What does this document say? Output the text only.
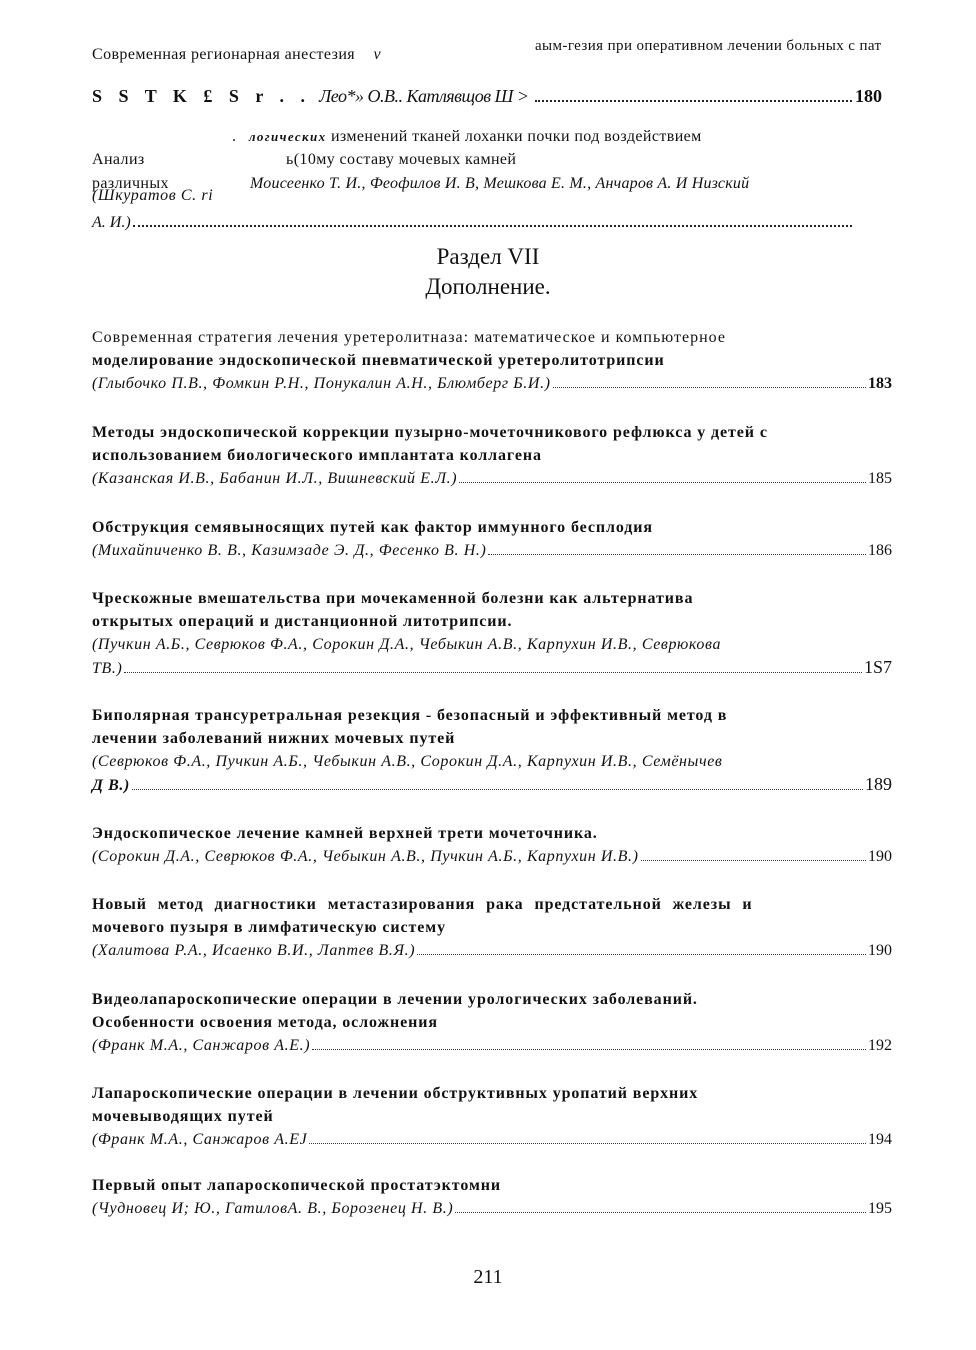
Современная регионарная анестезия v	аым-гезия при оперативном лечении больных с пат
S S T K £ S r . . Лео*» О.В.. Катлявщов Ш >	180
. логических изменений тканей лоханки почки под воздействием
Анализ	ь(10му составу мочевых камней
различных	Моисеенко Т. И., Феофилов И. В, Мешкова Е. М., Анчаров А. И Низский
(Шкуратов С. ri
А. И.)
Раздел VII
Дополнение.
Современная стратегия лечения уретеролитназа: математическое и компьютерное
моделирование эндоскопической пневматической уретеролитотрипсии
(Глыбочко П.В., Фомкин Р.Н., Понукалин А.Н., Блюмберг Б.И.)	183
Методы эндоскопической коррекции пузырно-мочеточникового рефлюкса у детей с
использованием биологического имплантата коллагена
(Казанская И.В., Бабанин И.Л., Вишневский Е.Л.)	185
Обструкция семявыносящих путей как фактор иммунного бесплодия
(Михайпиченко В. В., Казимзаде Э. Д., Фесенко В. Н.)	186
Чрескожные вмешательства при мочекаменной болезни как альтернатива
открытых операций и дистанционной литотрипсии.
(Пучкин А.Б., Севрюков Ф.А., Сорокин Д.А., Чебыкин А.В., Карпухин И.В., Севрюкова
ТВ.)	1S7
Биполярная трансуретральная резекция - безопасный и эффективный метод в
лечении заболеваний нижних мочевых путей
(Севрюков Ф.А., Пучкин А.Б., Чебыкин А.В., Сорокин Д.А., Карпухин И.В., Семёнычев
Д В.)	189
Эндоскопическое лечение камней верхней трети мочеточника.
(Сорокин Д.А., Севрюков Ф.А., Чебыкин А.В., Пучкин А.Б., Карпухин И.В.)	190
Новый метод диагностики метастазирования рака предстательной железы и
мочевого пузыря в лимфатическую систему
(Халитова Р.А., Исаенко В.И., Лаптев В.Я.)	190
Видеолапароскопические операции в лечении урологических заболеваний.
Особенности освоения метода, осложнения
(Франк М.А., Санжаров А.Е.)	192
Лапароскопические операции в лечении обструктивных уропатий верхних
мочевыводящих путей
(Франк М.А., Санжаров А.ЕJ	194
Первый опыт лапароскопической простатэктомни
(Чудновец И; Ю., ГатиловА. В., Борозенец Н. В.)	195
211
